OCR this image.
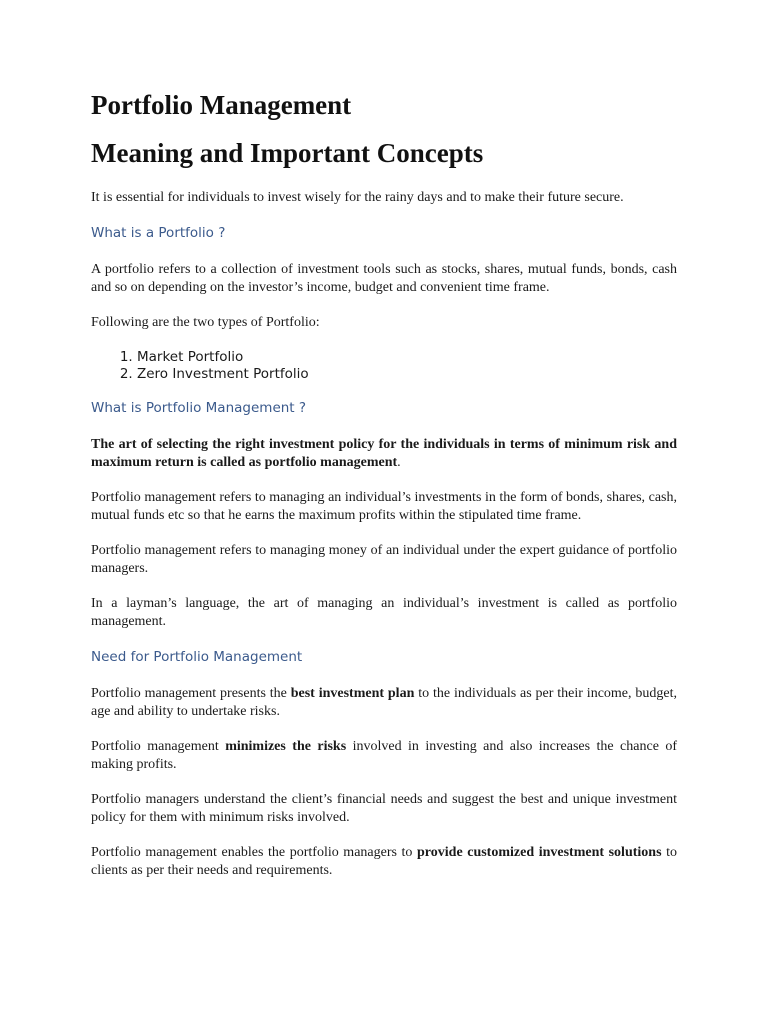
Portfolio Management
Meaning and Important Concepts

It is essential for individuals to invest wisely for the rainy days and to make their future secure.

What is a Portfolio ?

A portfolio refers to a collection of investment tools such as stocks, shares, mutual funds, bonds, cash and so on depending on the investor’s income, budget and convenient time frame.

Following are the two types of Portfolio:

1. Market Portfolio
2. Zero Investment Portfolio
What is Portfolio Management ?

The art of selecting the right investment policy for the individuals in terms of minimum risk and maximum return is called as portfolio management.

Portfolio management refers to managing an individual’s investments in the form of bonds, shares, cash, mutual funds etc so that he earns the maximum profits within the stipulated time frame.

Portfolio management refers to managing money of an individual under the expert guidance of portfolio managers.

In a layman’s language, the art of managing an individual’s investment is called as portfolio management.

Need for Portfolio Management

Portfolio management presents the best investment plan to the individuals as per their income, budget, age and ability to undertake risks.

Portfolio management minimizes the risks involved in investing and also increases the chance of making profits.

Portfolio managers understand the client’s financial needs and suggest the best and unique investment policy for them with minimum risks involved.

Portfolio management enables the portfolio managers to provide customized investment solutions to clients as per their needs and requirements.
